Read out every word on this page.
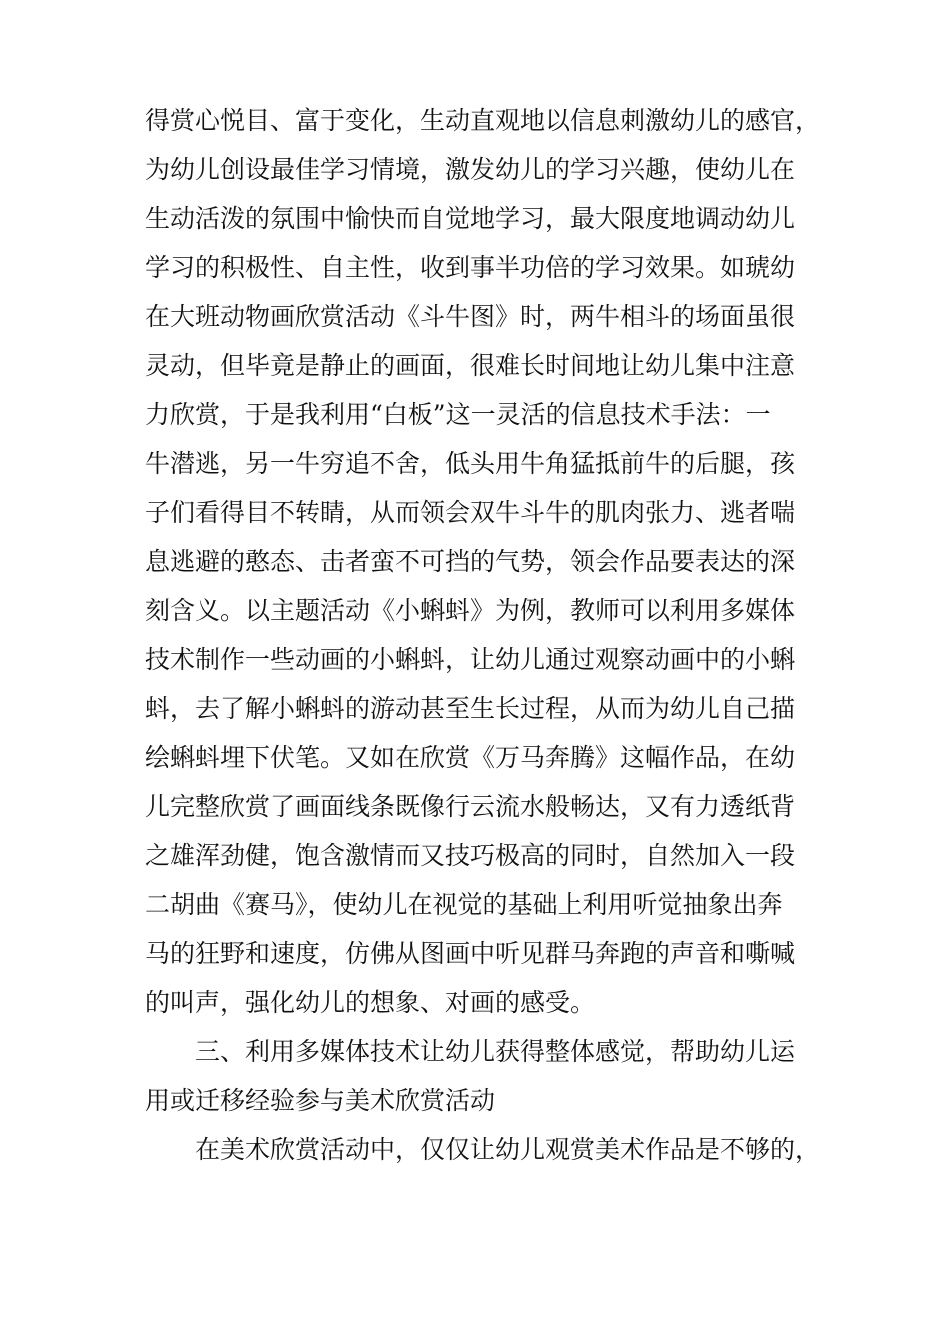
得赏心悦目、富于变化，生动直观地以信息刺激幼儿的感官，
为幼儿创设最佳学习情境，激发幼儿的学习兴趣，使幼儿在
生动活泼的氛围中愉快而自觉地学习，最大限度地调动幼儿
学习的积极性、自主性，收到事半功倍的学习效果。如琥幼
在大班动物画欣赏活动《斗牛图》时，两牛相斗的场面虽很
灵动，但毕竟是静止的画面，很难长时间地让幼儿集中注意
力欣赏，于是我利用“白板”这一灵活的信息技术手法：一
牛潜逃，另一牛穷追不舍，低头用牛角猛抵前牛的后腿，孩
子们看得目不转睛，从而领会双牛斗牛的肌肉张力、逃者喘
息逃避的憨态、击者蛮不可挡的气势，领会作品要表达的深
刻含义。以主题活动《小蝌蚪》为例，教师可以利用多媒体
技术制作一些动画的小蝌蚪，让幼儿通过观察动画中的小蝌
蚪，去了解小蝌蚪的游动甚至生长过程，从而为幼儿自己描
绘蝌蚪埋下伏笔。又如在欣赏《万马奔腾》这幅作品，在幼
儿完整欣赏了画面线条既像行云流水般畅达，又有力透纸背
之雄浑劲健，饱含激情而又技巧极高的同时，自然加入一段
二胡曲《赛马》，使幼儿在视觉的基础上利用听觉抽象出奔
马的狂野和速度，仿佛从图画中听见群马奔跑的声音和嘶喊
的叫声，强化幼儿的想象、对画的感受。
三、利用多媒体技术让幼儿获得整体感觉，帮助幼儿运
用或迁移经验参与美术欣赏活动
在美术欣赏活动中，仅仅让幼儿观赏美术作品是不够的，
